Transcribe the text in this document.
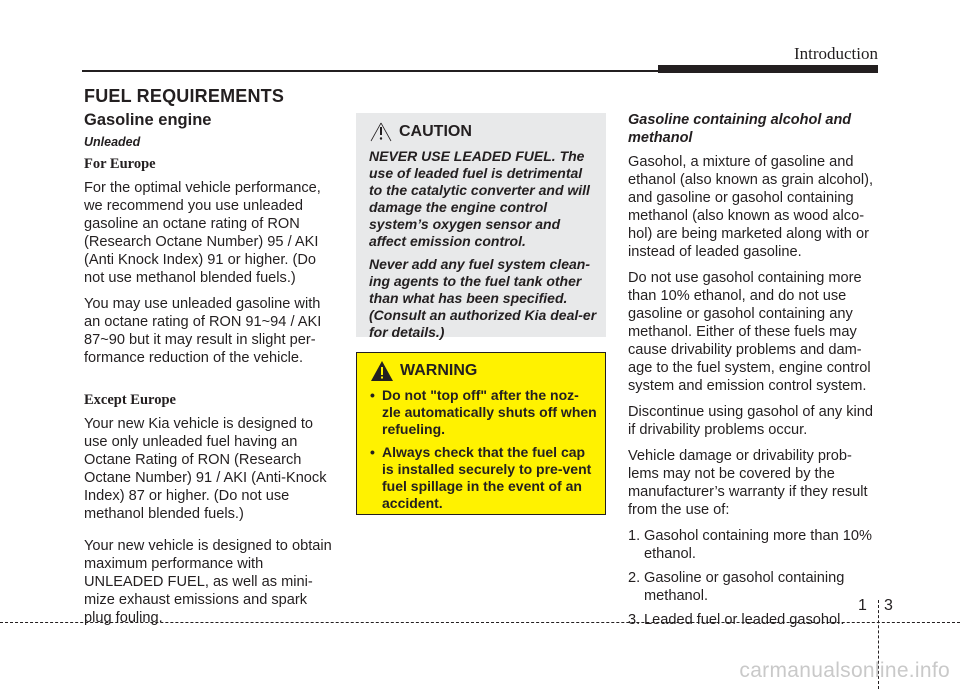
Introduction
FUEL REQUIREMENTS
Gasoline engine
Unleaded
For Europe

For the optimal vehicle performance, we recommend you use unleaded gasoline an octane rating of RON (Research Octane Number) 95 / AKI (Anti Knock Index) 91 or higher. (Do not use methanol blended fuels.)

You may use unleaded gasoline with an octane rating of RON 91~94 / AKI 87~90 but it may result in slight per-formance reduction of the vehicle.

Except Europe

Your new Kia vehicle is designed to use only unleaded fuel having an Octane Rating of RON (Research Octane Number) 91 / AKI (Anti-Knock Index) 87 or higher. (Do not use methanol blended fuels.)

Your new vehicle is designed to obtain maximum performance with UNLEADED FUEL, as well as mini-mize exhaust emissions and spark plug fouling.

CAUTION

NEVER USE LEADED FUEL. The use of leaded fuel is detrimental to the catalytic converter and will damage the engine control system’s oxygen sensor and affect emission control.

Never add any fuel system clean-ing agents to the fuel tank other than what has been specified. (Consult an authorized Kia deal-er for details.)

WARNING
• Do not "top off" after the noz-zle automatically shuts off when refueling.
• Always check that the fuel cap is installed securely to pre-vent fuel spillage in the event of an accident.
Gasoline containing alcohol and methanol

Gasohol, a mixture of gasoline and ethanol (also known as grain alcohol), and gasoline or gasohol containing methanol (also known as wood alco-hol) are being marketed along with or instead of leaded gasoline.

Do not use gasohol containing more than 10% ethanol, and do not use gasoline or gasohol containing any methanol. Either of these fuels may cause drivability problems and dam-age to the fuel system, engine control system and emission control system.

Discontinue using gasohol of any kind if drivability problems occur.

Vehicle damage or drivability prob-lems may not be covered by the manufacturer’s warranty if they result from the use of:

1. Gasohol containing more than 10% ethanol.
2. Gasoline or gasohol containing methanol.
3. Leaded fuel or leaded gasohol.
1 3
carmanualsonline.info
